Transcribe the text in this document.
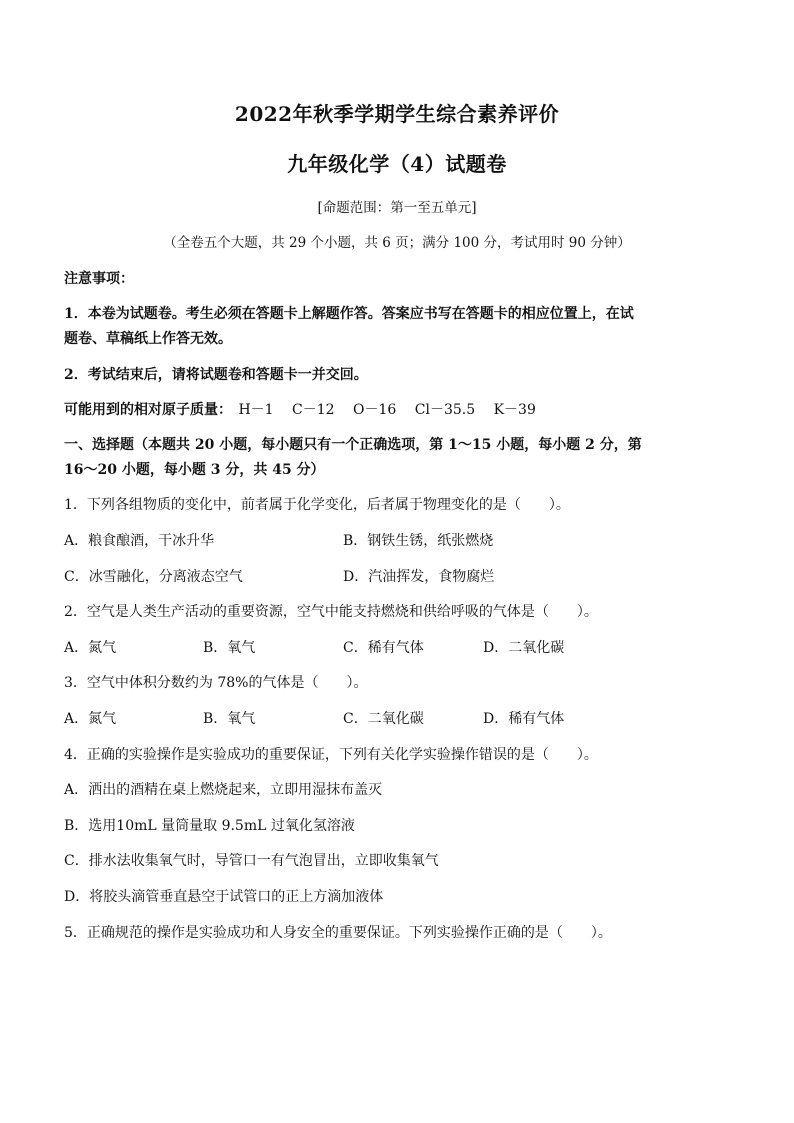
2022年秋季学期学生综合素养评价
九年级化学（4）试题卷
[命题范围：第一至五单元]
（全卷五个大题，共 29 个小题，共 6 页；满分 100 分，考试用时 90 分钟）
注意事项：
1．本卷为试题卷。考生必须在答题卡上解题作答。答案应书写在答题卡的相应位置上，在试
题卷、草稿纸上作答无效。
2．考试结束后，请将试题卷和答题卡一并交回。
可能用到的相对原子质量： H－1 C－12 O－16 Cl－35.5 K－39
一、选择题（本题共 20 小题，每小题只有一个正确选项，第 1～15 小题，每小题 2 分，第
16～20 小题，每小题 3 分，共 45 分）
1．下列各组物质的变化中，前者属于化学变化，后者属于物理变化的是（　　）。
A．粮食酿酒，干冰升华	B．钢铁生锈，纸张燃烧
C．冰雪融化，分离液态空气	D．汽油挥发，食物腐烂
2．空气是人类生产活动的重要资源，空气中能支持燃烧和供给呼吸的气体是（　　）。
A．氮气	B．氧气	C．稀有气体	D．二氧化碳
3．空气中体积分数约为 78%的气体是（　　）。
A．氮气	B．氧气	C．二氧化碳	D．稀有气体
4．正确的实验操作是实验成功的重要保证，下列有关化学实验操作错误的是（　　）。
A．洒出的酒精在桌上燃烧起来，立即用湿抹布盖灭
B．选用10mL 量筒量取 9.5mL 过氧化氢溶液
C．排水法收集氧气时，导管口一有气泡冒出，立即收集氧气
D．将胶头滴管垂直悬空于试管口的正上方滴加液体
5．正确规范的操作是实验成功和人身安全的重要保证。下列实验操作正确的是（　　）。
